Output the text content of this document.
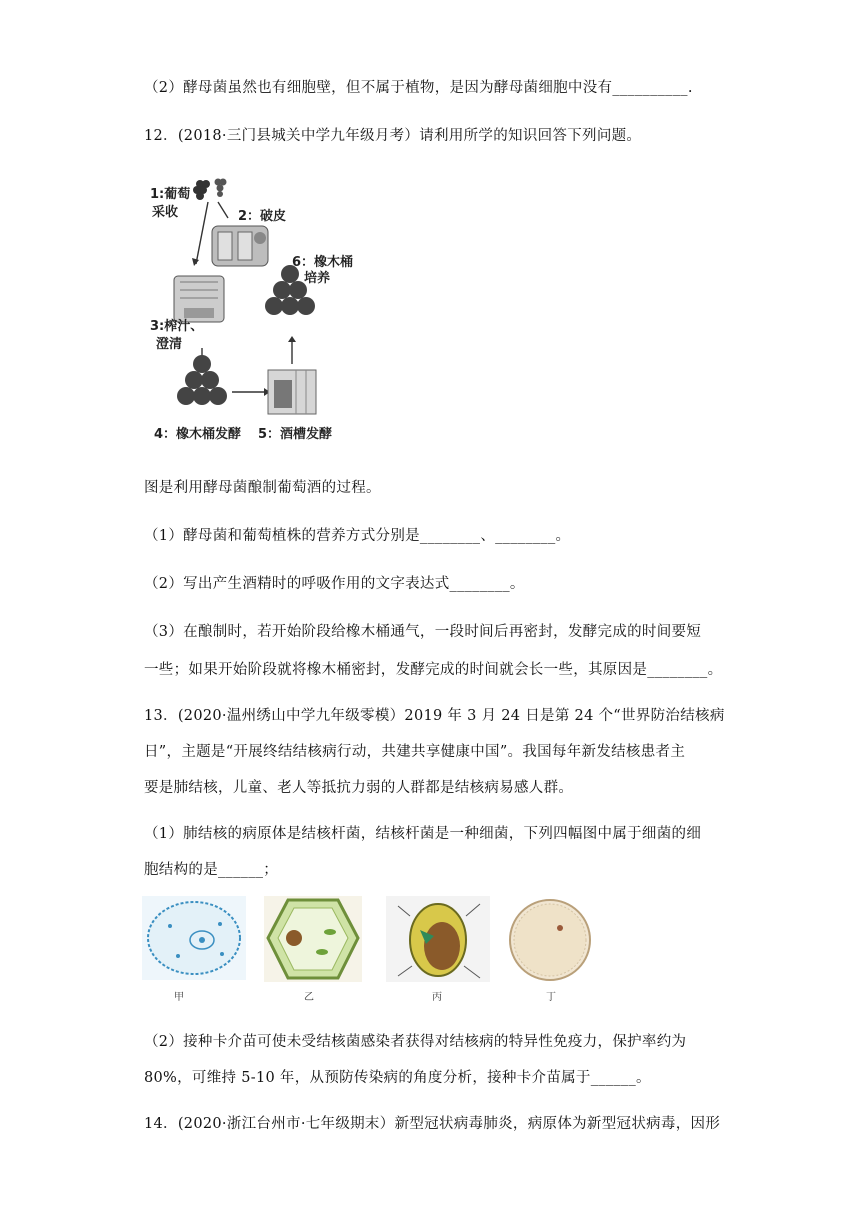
（2）酵母菌虽然也有细胞壁，但不属于植物，是因为酵母菌细胞中没有__________.
12．(2018·三门县城关中学九年级月考）请利用所学的知识回答下列问题。
1:葡萄
采收	2：破皮
3:榨汁、
澄清
4：橡木桶发酵 5：酒槽发酵
6：橡木桶
培养
图是利用酵母菌酿制葡萄酒的过程。
（1）酵母菌和葡萄植株的营养方式分别是________、________。
（2）写出产生酒精时的呼吸作用的文字表达式________。
（3）在酿制时，若开始阶段给橡木桶通气，一段时间后再密封，发酵完成的时间要短
一些；如果开始阶段就将橡木桶密封，发酵完成的时间就会长一些，其原因是________。
13．(2020·温州绣山中学九年级零模）2019 年 3 月 24 日是第 24 个“世界防治结核病
日”，主题是“开展终结结核病行动，共建共享健康中国”。我国每年新发结核患者主
要是肺结核，儿童、老人等抵抗力弱的人群都是结核病易感人群。
（1）肺结核的病原体是结核杆菌，结核杆菌是一种细菌，下列四幅图中属于细菌的细
胞结构的是______；
甲	乙	丙	丁
（2）接种卡介苗可使未受结核菌感染者获得对结核病的特异性免疫力，保护率约为
80%，可维持 5-10 年，从预防传染病的角度分析，接种卡介苗属于______。
14．(2020·浙江台州市·七年级期末）新型冠状病毒肺炎，病原体为新型冠状病毒，因形
